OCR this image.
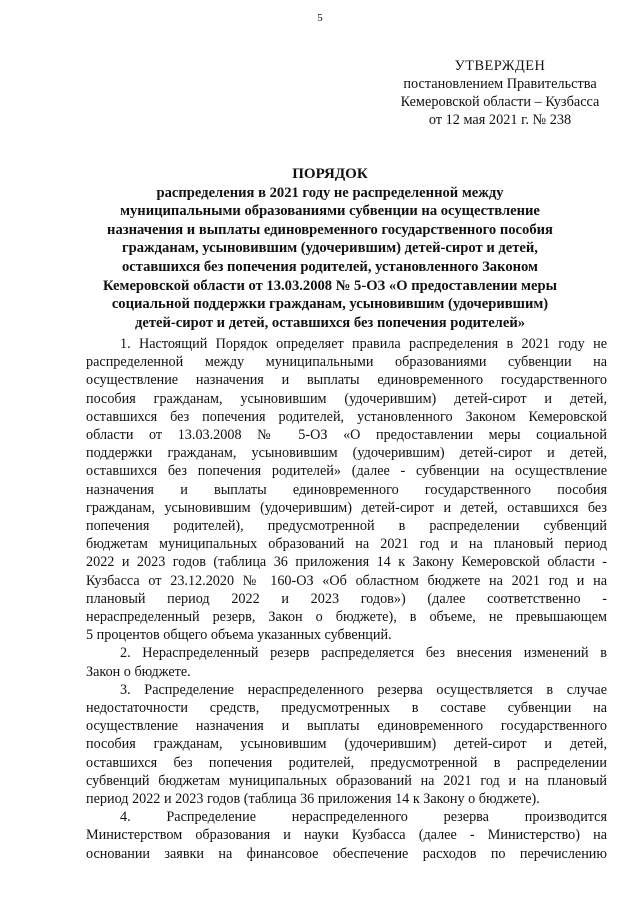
5
УТВЕРЖДЕН
постановлением Правительства
Кемеровской области – Кузбасса
от 12 мая 2021 г. № 238
ПОРЯДОК
распределения в 2021 году не распределенной между
муниципальными образованиями субвенции на осуществление
назначения и выплаты единовременного государственного пособия
гражданам, усыновившим (удочерившим) детей-сирот и детей,
оставшихся без попечения родителей, установленного Законом
Кемеровской области от 13.03.2008 № 5-ОЗ «О предоставлении меры
социальной поддержки гражданам, усыновившим (удочерившим)
детей-сирот и детей, оставшихся без попечения родителей»
1. Настоящий Порядок определяет правила распределения в 2021 году не
распределенной между муниципальными образованиями субвенции на
осуществление назначения и выплаты единовременного государственного
пособия гражданам, усыновившим (удочерившим) детей-сирот и детей,
оставшихся без попечения родителей, установленного Законом Кемеровской
области от 13.03.2008 № 5-ОЗ «О предоставлении меры социальной
поддержки гражданам, усыновившим (удочерившим) детей-сирот и детей,
оставшихся без попечения родителей» (далее - субвенции на осуществление
назначения и выплаты единовременного государственного пособия
гражданам, усыновившим (удочерившим) детей-сирот и детей, оставшихся без
попечения родителей), предусмотренной в распределении субвенций
бюджетам муниципальных образований на 2021 год и на плановый период
2022 и 2023 годов (таблица 36 приложения 14 к Закону Кемеровской области -
Кузбасса от 23.12.2020 № 160-ОЗ «Об областном бюджете на 2021 год и на
плановый период 2022 и 2023 годов») (далее соответственно -
нераспределенный резерв, Закон о бюджете), в объеме, не превышающем
5 процентов общего объема указанных субвенций.
2. Нераспределенный резерв распределяется без внесения изменений в
Закон о бюджете.
3. Распределение нераспределенного резерва осуществляется в случае
недостаточности средств, предусмотренных в составе субвенции на
осуществление назначения и выплаты единовременного государственного
пособия гражданам, усыновившим (удочерившим) детей-сирот и детей,
оставшихся без попечения родителей, предусмотренной в распределении
субвенций бюджетам муниципальных образований на 2021 год и на плановый
период 2022 и 2023 годов (таблица 36 приложения 14 к Закону о бюджете).
4. Распределение нераспределенного резерва производится
Министерством образования и науки Кузбасса (далее - Министерство) на
основании заявки на финансовое обеспечение расходов по перечислению
